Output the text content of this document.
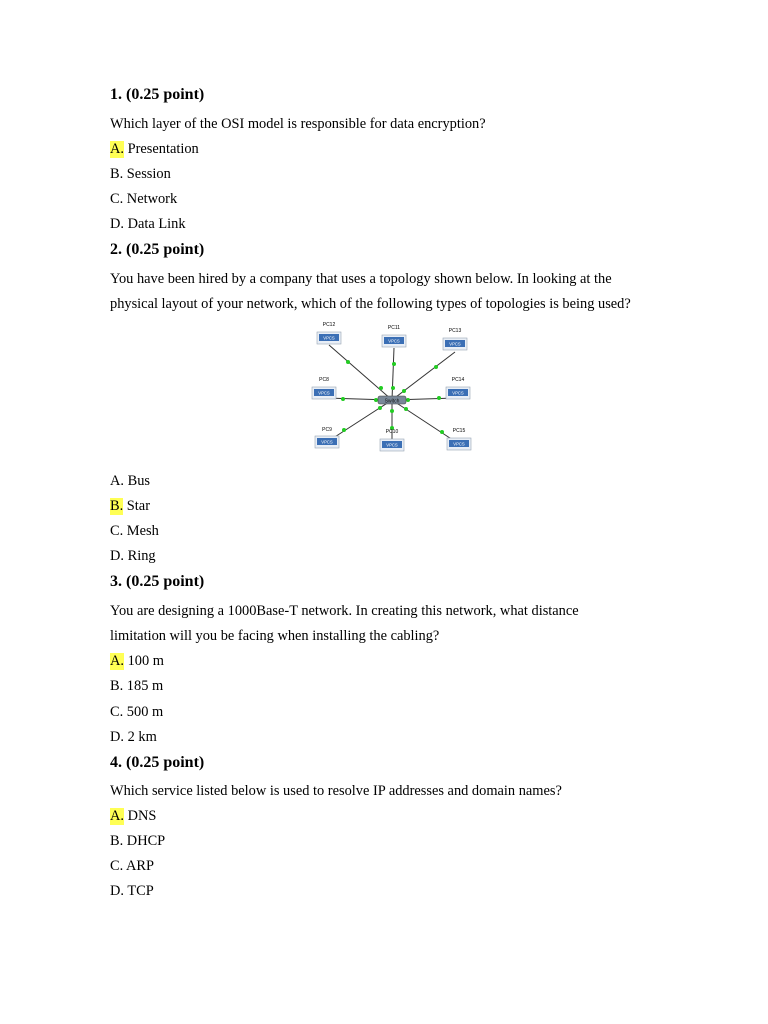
1. (0.25 point)
Which layer of the OSI model is responsible for data encryption?
A. Presentation
B. Session
C. Network
D. Data Link
2. (0.25 point)
You have been hired by a company that uses a topology shown below. In looking at the
physical layout of your network, which of the following types of topologies is being used?
Switch
PC12
VPCS
PC11
VPCS
PC13
VPCS
PC8
VPCS
PC14
VPCS
PC9
VPCS
PC10
VPCS
PC15
VPCS
A. Bus
B. Star
C. Mesh
D. Ring
3. (0.25 point)
You are designing a 1000Base-T network. In creating this network, what distance
limitation will you be facing when installing the cabling?
A. 100 m
B. 185 m
C. 500 m
D. 2 km
4. (0.25 point)
Which service listed below is used to resolve IP addresses and domain names?
A. DNS
B. DHCP
C. ARP
D. TCP
